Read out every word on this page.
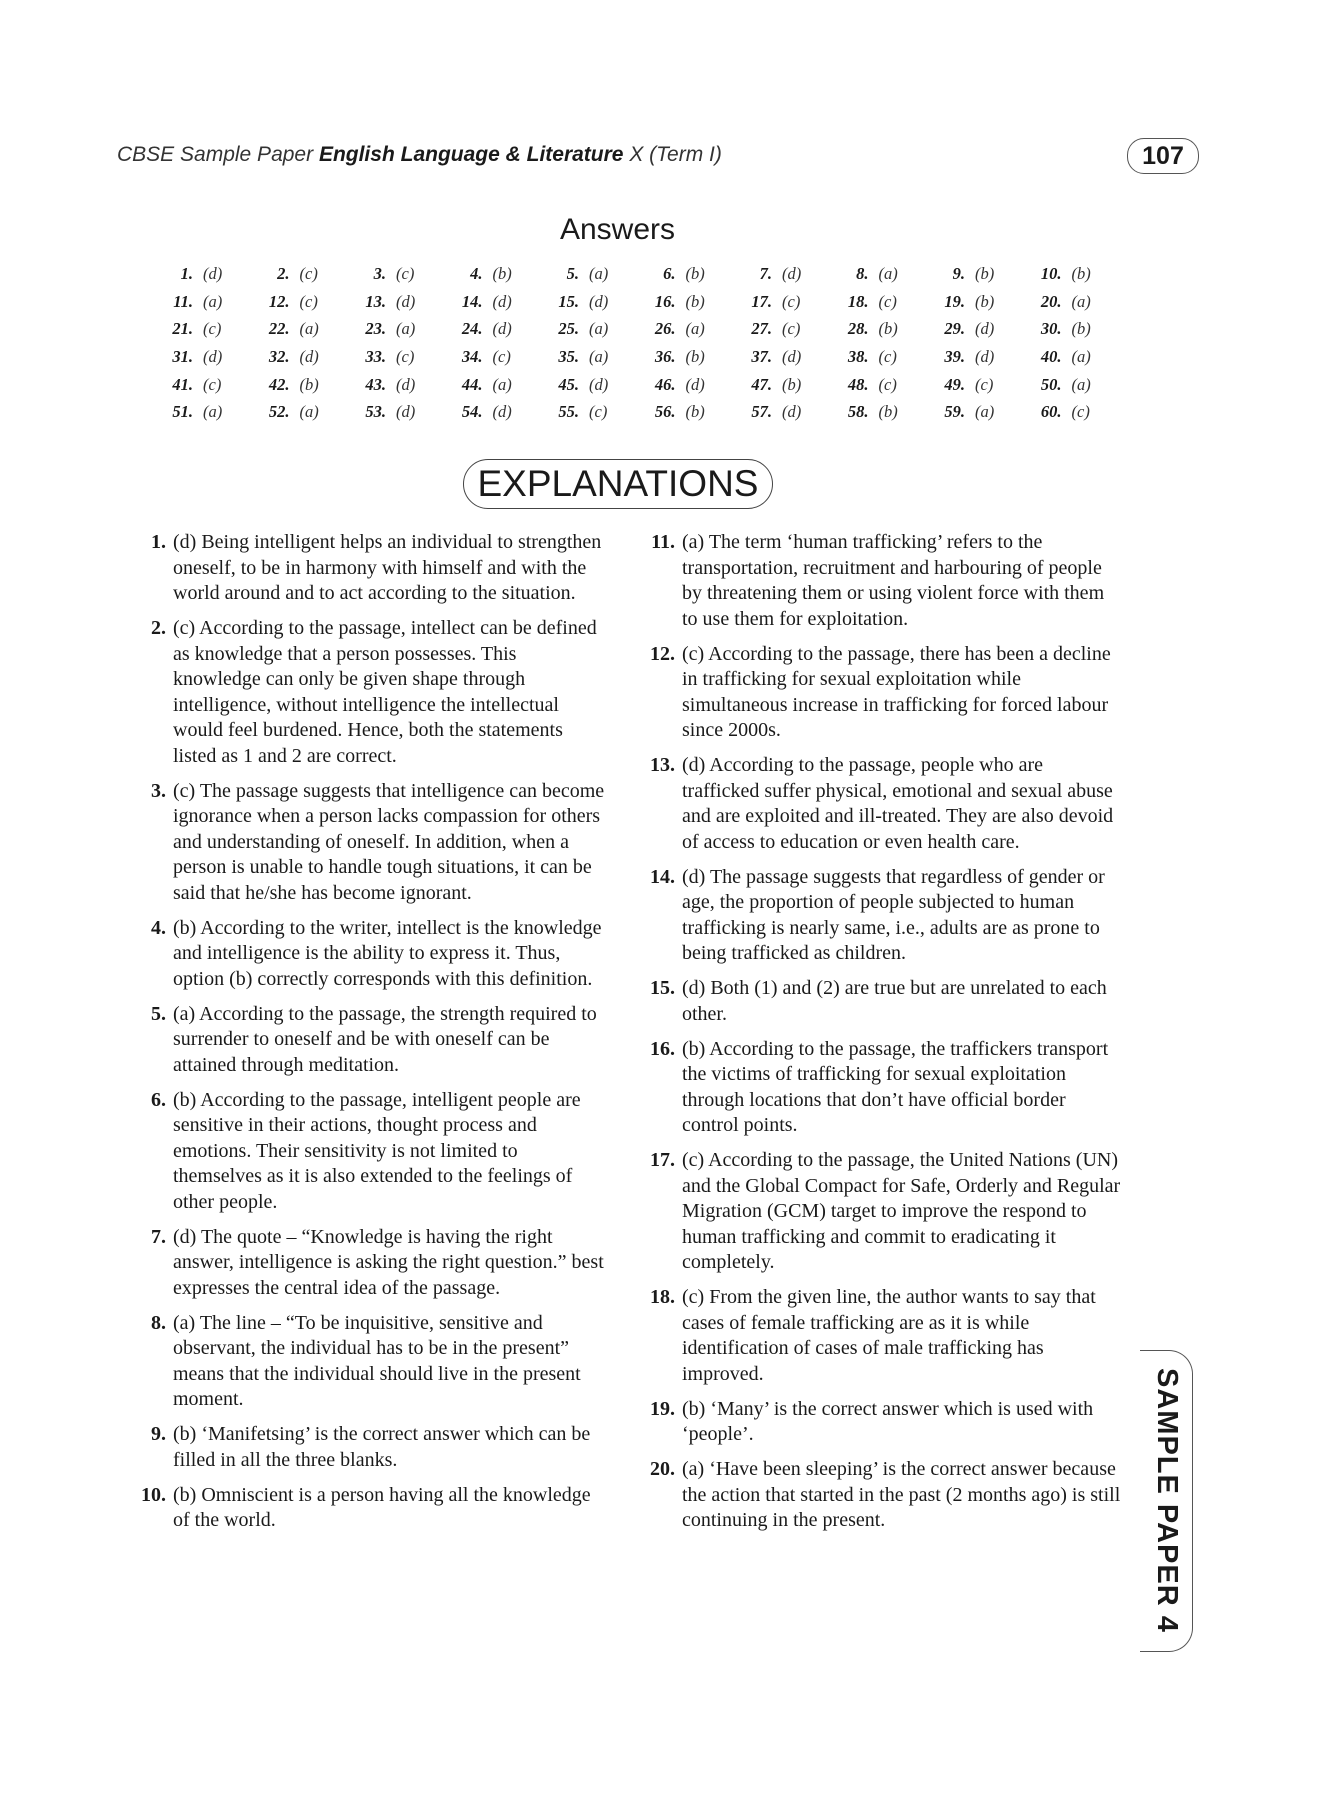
CBSE Sample Paper English Language & Literature X (Term I)	107
Answers
1. (d)	2. (c)	3. (c)	4. (b)	5. (a)	6. (b)	7. (d)	8. (a)	9. (b)	10. (b)
11. (a)	12. (c)	13. (d)	14. (d)	15. (d)	16. (b)	17. (c)	18. (c)	19. (b)	20. (a)
21. (c)	22. (a)	23. (a)	24. (d)	25. (a)	26. (a)	27. (c)	28. (b)	29. (d)	30. (b)
31. (d)	32. (d)	33. (c)	34. (c)	35. (a)	36. (b)	37. (d)	38. (c)	39. (d)	40. (a)
41. (c)	42. (b)	43. (d)	44. (a)	45. (d)	46. (d)	47. (b)	48. (c)	49. (c)	50. (a)
51. (a)	52. (a)	53. (d)	54. (d)	55. (c)	56. (b)	57. (d)	58. (b)	59. (a)	60. (c)
EXPLANATIONS
1. (d) Being intelligent helps an individual to strengthen oneself, to be in harmony with himself and with the world around and to act according to the situation.
2. (c) According to the passage, intellect can be defined as knowledge that a person possesses. This knowledge can only be given shape through intelligence, without intelligence the intellectual would feel burdened. Hence, both the statements listed as 1 and 2 are correct.
3. (c) The passage suggests that intelligence can become ignorance when a person lacks compassion for others and understanding of oneself. In addition, when a person is unable to handle tough situations, it can be said that he/she has become ignorant.
4. (b) According to the writer, intellect is the knowledge and intelligence is the ability to express it. Thus, option (b) correctly corresponds with this definition.
5. (a) According to the passage, the strength required to surrender to oneself and be with oneself can be attained through meditation.
6. (b) According to the passage, intelligent people are sensitive in their actions, thought process and emotions. Their sensitivity is not limited to themselves as it is also extended to the feelings of other people.
7. (d) The quote – “Knowledge is having the right answer, intelligence is asking the right question.” best expresses the central idea of the passage.
8. (a) The line – “To be inquisitive, sensitive and observant, the individual has to be in the present” means that the individual should live in the present moment.
9. (b) ‘Manifetsing’ is the correct answer which can be filled in all the three blanks.
10. (b) Omniscient is a person having all the knowledge of the world.
11. (a) The term ‘human trafficking’ refers to the transportation, recruitment and harbouring of people by threatening them or using violent force with them to use them for exploitation.
12. (c) According to the passage, there has been a decline in trafficking for sexual exploitation while simultaneous increase in trafficking for forced labour since 2000s.
13. (d) According to the passage, people who are trafficked suffer physical, emotional and sexual abuse and are exploited and ill-treated. They are also devoid of access to education or even health care.
14. (d) The passage suggests that regardless of gender or age, the proportion of people subjected to human trafficking is nearly same, i.e., adults are as prone to being trafficked as children.
15. (d) Both (1) and (2) are true but are unrelated to each other.
16. (b) According to the passage, the traffickers transport the victims of trafficking for sexual exploitation through locations that don’t have official border control points.
17. (c) According to the passage, the United Nations (UN) and the Global Compact for Safe, Orderly and Regular Migration (GCM) target to improve the respond to human trafficking and commit to eradicating it completely.
18. (c) From the given line, the author wants to say that cases of female trafficking are as it is while identification of cases of male trafficking has improved.
19. (b) ‘Many’ is the correct answer which is used with ‘people’.
20. (a) ‘Have been sleeping’ is the correct answer because the action that started in the past (2 months ago) is still continuing in the present.	SAMPLE PAPER 4
